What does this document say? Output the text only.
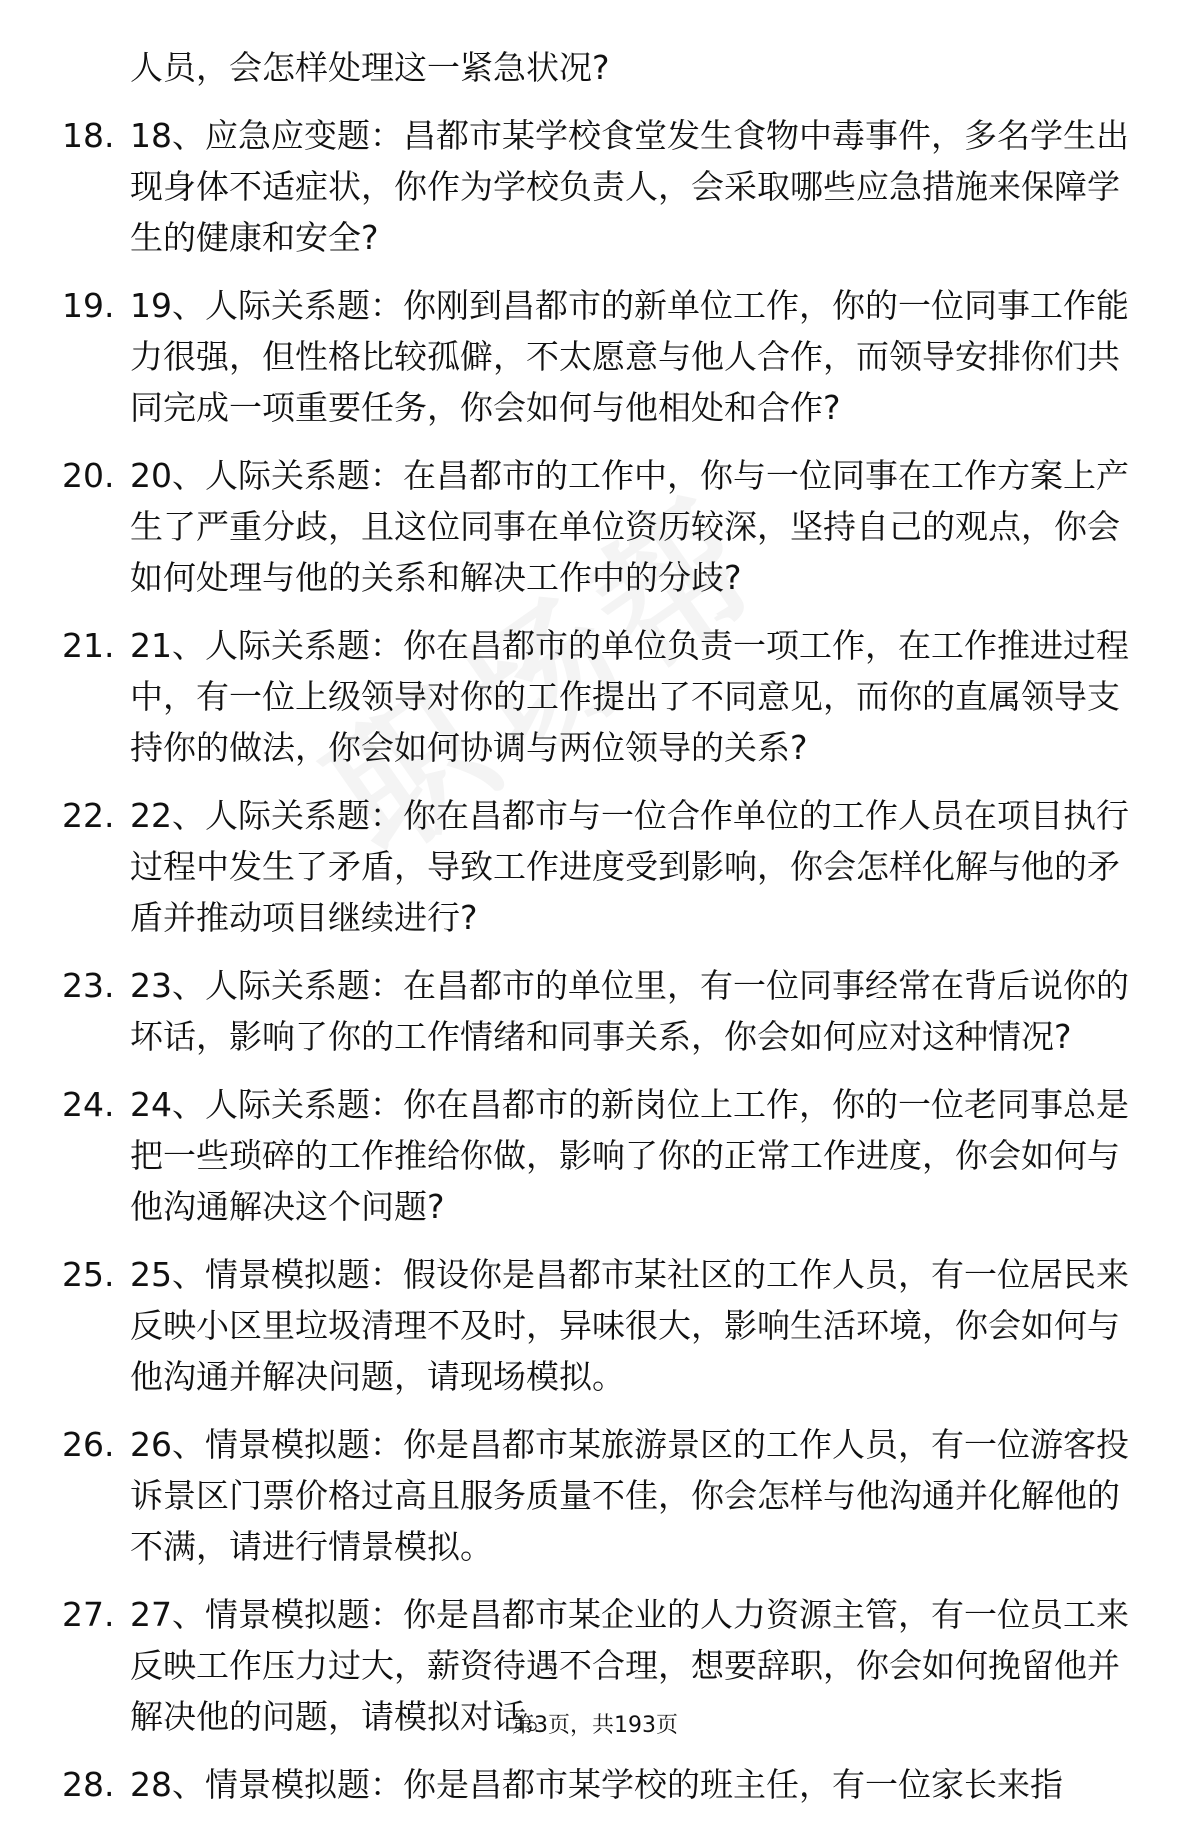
人员，会怎样处理这一紧急状况?
18. 18、应急应变题：昌都市某学校食堂发生食物中毒事件，多名学生出现身体不适症状，你作为学校负责人，会采取哪些应急措施来保障学生的健康和安全?
19. 19、人际关系题：你刚到昌都市的新单位工作，你的一位同事工作能力很强，但性格比较孤僻，不太愿意与他人合作，而领导安排你们共同完成一项重要任务，你会如何与他相处和合作?
20. 20、人际关系题：在昌都市的工作中，你与一位同事在工作方案上产生了严重分歧，且这位同事在单位资历较深，坚持自己的观点，你会如何处理与他的关系和解决工作中的分歧?
21. 21、人际关系题：你在昌都市的单位负责一项工作，在工作推进过程中，有一位上级领导对你的工作提出了不同意见，而你的直属领导支持你的做法，你会如何协调与两位领导的关系?
22. 22、人际关系题：你在昌都市与一位合作单位的工作人员在项目执行过程中发生了矛盾，导致工作进度受到影响，你会怎样化解与他的矛盾并推动项目继续进行?
23. 23、人际关系题：在昌都市的单位里，有一位同事经常在背后说你的坏话，影响了你的工作情绪和同事关系，你会如何应对这种情况?
24. 24、人际关系题：你在昌都市的新岗位上工作，你的一位老同事总是把一些琐碎的工作推给你做，影响了你的正常工作进度，你会如何与他沟通解决这个问题?
25. 25、情景模拟题：假设你是昌都市某社区的工作人员，有一位居民来反映小区里垃圾清理不及时，异味很大，影响生活环境，你会如何与他沟通并解决问题，请现场模拟。
26. 26、情景模拟题：你是昌都市某旅游景区的工作人员，有一位游客投诉景区门票价格过高且服务质量不佳，你会怎样与他沟通并化解他的不满，请进行情景模拟。
27. 27、情景模拟题：你是昌都市某企业的人力资源主管，有一位员工来反映工作压力过大，薪资待遇不合理，想要辞职，你会如何挽留他并解决他的问题，请模拟对话。
28. 28、情景模拟题：你是昌都市某学校的班主任，有一位家长来指
第3页，共193页
